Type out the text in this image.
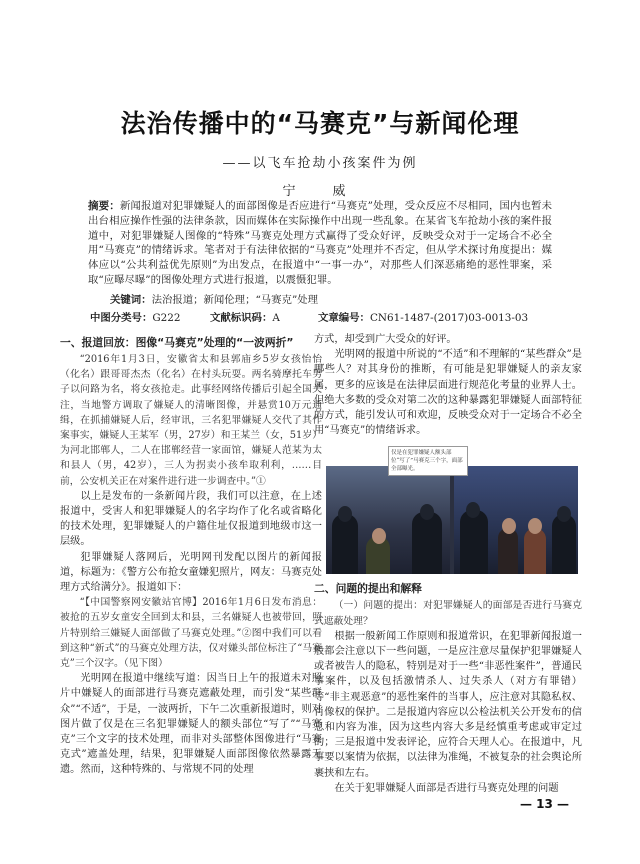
法治传播中的“马赛克”与新闻伦理
——以飞车抢劫小孩案件为例
宁　威
摘要：新闻报道对犯罪嫌疑人的面部图像是否应进行“马赛克”处理，受众反应不尽相同，国内也暂未出台相应操作性强的法律条款，因而媒体在实际操作中出现一些乱象。在某省飞车抢劫小孩的案件报道中，对犯罪嫌疑人图像的“特殊”马赛克处理方式赢得了受众好评，反映受众对于一定场合不必全用“马赛克”的情绪诉求。笔者对于有法律依据的“马赛克”处理并不否定，但从学术探讨角度提出：媒体应以“公共利益优先原则”为出发点，在报道中“一事一办”，对那些人们深恶痛绝的恶性罪案，采取“应曝尽曝”的图像处理方式进行报道，以震慑犯罪。
关键词：法治报道；新闻伦理；“马赛克”处理
中图分类号：G222	文献标识码：A	文章编号：CN61-1487-(2017)03-0013-03
一、报道回放：图像“马赛克”处理的“一波两折”

“2016年1月3日，安徽省太和县郭庙乡5岁女孩怡怡（化名）跟哥哥杰杰（化名）在村头玩耍。两名骑摩托车男子以问路为名，将女孩抢走。此事经网络传播后引起全国关注，当地警方调取了嫌疑人的清晰图像，并悬赏10万元通缉，在抓捕嫌疑人后，经审讯，三名犯罪嫌疑人交代了其作案事实，嫌疑人王某军（男，27岁）和王某兰（女，51岁）为河北邯郸人，二人在邯郸经营一家面馆，嫌疑人范某为太和县人（男，42岁），三人为拐卖小孩牟取利利，……目前，公安机关正在对案件进行进一步调查中。”①

以上是发布的一条新闻片段，我们可以注意，在上述报道中，受害人和犯罪嫌疑人的名字均作了化名或省略化的技术处理，犯罪嫌疑人的户籍住址仅报道到地级市这一层级。

犯罪嫌疑人落网后，光明网刊发配以图片的新闻报道，标题为：《警方公布抢女童嫌犯照片，网友：马赛克处理方式给满分》。报道如下：

“【中国警察网安徽站官博】2016年1月6日发布消息：被抢的五岁女童安全回到太和县，三名嫌疑人也被带回，照片特别给三嫌疑人面部做了马赛克处理。”②图中我们可以看到这种“新式”的马赛克处理方法，仅对嫌头部位标注了“马赛克”三个汉字。（见下图）

光明网在报道中继续写道：因当日上午的报道未对照片中嫌疑人的面部进行马赛克遮蔽处理，而引发“某些群众”“不适”，于是，一波两折，下午二次重新报道时，则对图片做了仅是在三名犯罪嫌疑人的额头部位“写了”“马赛克”三个文字的技术处理，而非对头部整体图像进行“马赛克式”遮盖处理，结果，犯罪嫌疑人面部图像依然暴露无遗。然而，这种特殊的、与常规不同的处理

方式，却受到广大受众的好评。

光明网的报道中所说的“不适”和不理解的“某些群众”是哪些人？对其身份的推断，有可能是犯罪嫌疑人的亲友家属，更多的应该是在法律层面进行规范化考量的业界人士。但绝大多数的受众对第二次的这种暴露犯罪嫌疑人面部特征的方式，能引发认可和欢迎，反映受众对于一定场合不必全用“马赛克”的情绪诉求。

二、问题的提出和解释

（一）问题的提出：对犯罪嫌疑人的面部是否进行马赛克式遮蔽处理？

根据一般新闻工作原则和报道常识，在犯罪新闻报道一般都会注意以下一些问题，一是应注意尽量保护犯罪嫌疑人或者被告人的隐私，特别是对于一些“非恶性案件”，普通民事案件，以及包括激情杀人、过失杀人（对方有罪错）等“非主观恶意”的恶性案件的当事人，应注意对其隐私权、肖像权的保护。二是报道内容应以公检法机关公开发布的信息和内容为准，因为这些内容大多是经慎重考虑或审定过的；三是报道中发表评论，应符合天理人心。在报道中，凡事要以案情为依据，以法律为准绳，不被复杂的社会舆论所裹挟和左右。

在关于犯罪嫌疑人面部是否进行马赛克处理的问题

仅是在犯罪嫌疑人额头部位“写了”马赛克三个字，面部全部曝光。
— 13 —
